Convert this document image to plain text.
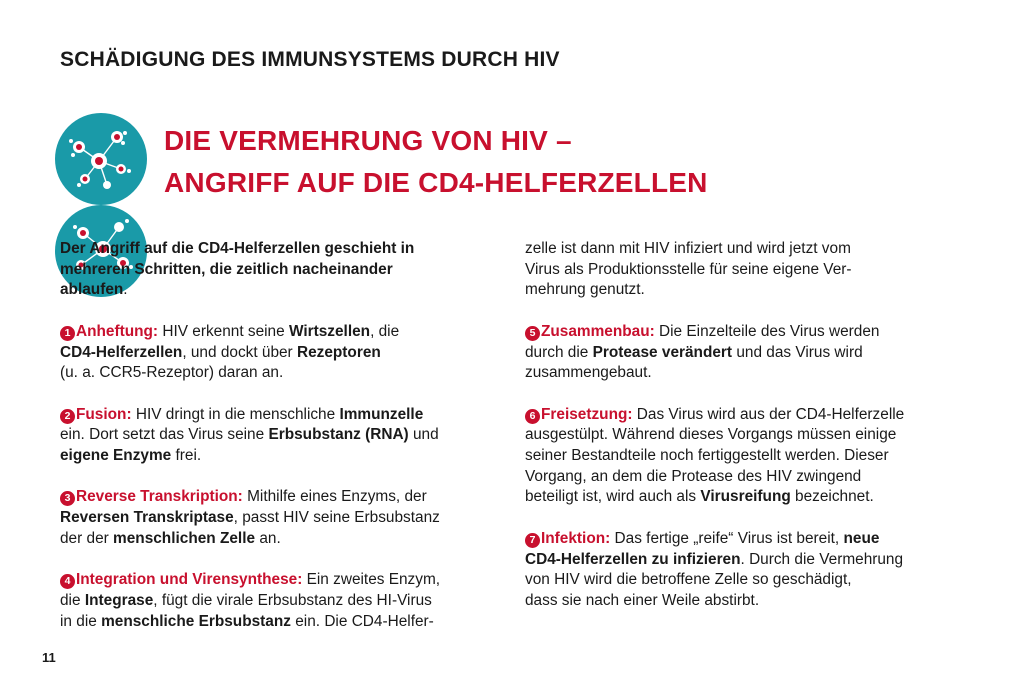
SCHÄDIGUNG DES IMMUNSYSTEMS DURCH HIV
DIE VERMEHRUNG VON HIV –
ANGRIFF AUF DIE CD4-HELFERZELLEN
Der Angriff auf die CD4-Helferzellen geschieht in
mehreren Schritten, die zeitlich nacheinander
ablaufen.
1 Anheftung: HIV erkennt seine Wirtszellen, die
CD4-Helferzellen, und dockt über Rezeptoren
(u. a. CCR5-Rezeptor) daran an.
2 Fusion: HIV dringt in die menschliche Immunzelle
ein. Dort setzt das Virus seine Erbsubstanz (RNA) und
eigene Enzyme frei.
3 Reverse Transkription: Mithilfe eines Enzyms, der
Reversen Transkriptase, passt HIV seine Erbsubstanz
der der menschlichen Zelle an.
4 Integration und Virensynthese: Ein zweites Enzym,
die Integrase, fügt die virale Erbsubstanz des HI-Virus
in die menschliche Erbsubstanz ein. Die CD4-Helfer-
zelle ist dann mit HIV infiziert und wird jetzt vom
Virus als Produktionsstelle für seine eigene Ver-
mehrung genutzt.
5 Zusammenbau: Die Einzelteile des Virus werden
durch die Protease verändert und das Virus wird
zusammengebaut.
6 Freisetzung: Das Virus wird aus der CD4-Helferzelle
ausgestülpt. Während dieses Vorgangs müssen einige
seiner Bestandteile noch fertiggestellt werden. Dieser
Vorgang, an dem die Protease des HIV zwingend
beteiligt ist, wird auch als Virusreifung bezeichnet.
7 Infektion: Das fertige „reife“ Virus ist bereit, neue
CD4-Helferzellen zu infizieren. Durch die Vermehrung
von HIV wird die betroffene Zelle so geschädigt,
dass sie nach einer Weile abstirbt.
11
